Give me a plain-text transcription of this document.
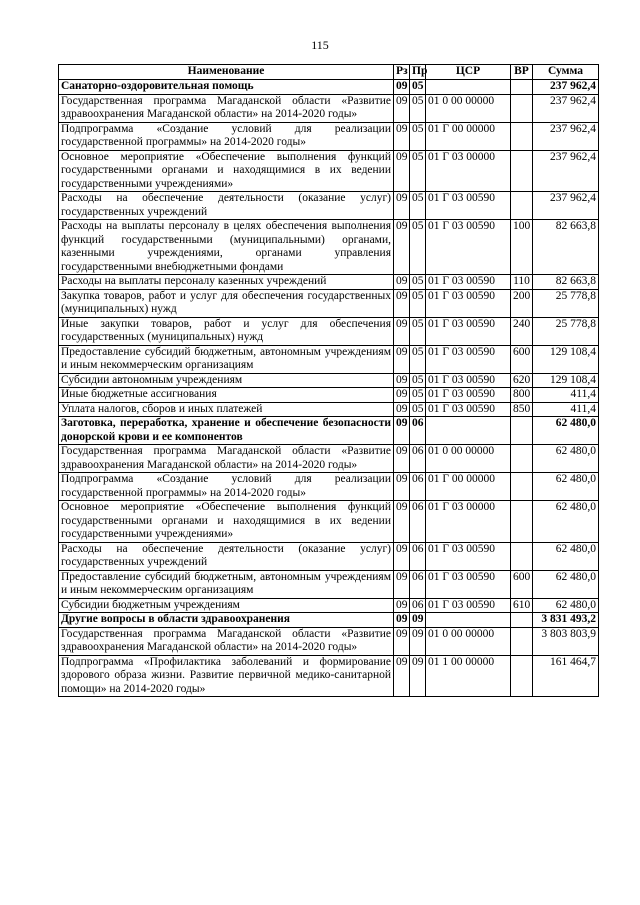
115
Наименование	Рз	Пр	ЦСР	ВР	Сумма
Санаторно-оздоровительная помощь	09	05			237 962,4
Государственная программа Магаданской области «Развитие здравоохранения Магаданской области» на 2014-2020 годы»	09	05	01 0 00 00000		237 962,4
Подпрограмма «Создание условий для реализации государственной программы» на 2014-2020 годы»	09	05	01 Г 00 00000		237 962,4
Основное мероприятие «Обеспечение выполнения функций государственными органами и находящимися в их ведении государственными учреждениями»	09	05	01 Г 03 00000		237 962,4
Расходы на обеспечение деятельности (оказание услуг) государственных учреждений	09	05	01 Г 03 00590		237 962,4
Расходы на выплаты персоналу в целях обеспечения выполнения функций государственными (муниципальными) органами, казенными учреждениями, органами управления государственными внебюджетными фондами	09	05	01 Г 03 00590	100	82 663,8
Расходы на выплаты персоналу казенных учреждений	09	05	01 Г 03 00590	110	82 663,8
Закупка товаров, работ и услуг для обеспечения государственных (муниципальных) нужд	09	05	01 Г 03 00590	200	25 778,8
Иные закупки товаров, работ и услуг для обеспечения государственных (муниципальных) нужд	09	05	01 Г 03 00590	240	25 778,8
Предоставление субсидий бюджетным, автономным учреждениям и иным некоммерческим организациям	09	05	01 Г 03 00590	600	129 108,4
Субсидии автономным учреждениям	09	05	01 Г 03 00590	620	129 108,4
Иные бюджетные ассигнования	09	05	01 Г 03 00590	800	411,4
Уплата налогов, сборов и иных платежей	09	05	01 Г 03 00590	850	411,4
Заготовка, переработка, хранение и обеспечение безопасности донорской крови и ее компонентов	09	06			62 480,0
Государственная программа Магаданской области «Развитие здравоохранения Магаданской области» на 2014-2020 годы»	09	06	01 0 00 00000		62 480,0
Подпрограмма «Создание условий для реализации государственной программы» на 2014-2020 годы»	09	06	01 Г 00 00000		62 480,0
Основное мероприятие «Обеспечение выполнения функций государственными органами и находящимися в их ведении государственными учреждениями»	09	06	01 Г 03 00000		62 480,0
Расходы на обеспечение деятельности (оказание услуг) государственных учреждений	09	06	01 Г 03 00590		62 480,0
Предоставление субсидий бюджетным, автономным учреждениям и иным некоммерческим организациям	09	06	01 Г 03 00590	600	62 480,0
Субсидии бюджетным учреждениям	09	06	01 Г 03 00590	610	62 480,0
Другие вопросы в области здравоохранения	09	09			3 831 493,2
Государственная программа Магаданской области «Развитие здравоохранения Магаданской области» на 2014-2020 годы»	09	09	01 0 00 00000		3 803 803,9
Подпрограмма «Профилактика заболеваний и формирование здорового образа жизни. Развитие первичной медико-санитарной помощи» на 2014-2020 годы»	09	09	01 1 00 00000		161 464,7
